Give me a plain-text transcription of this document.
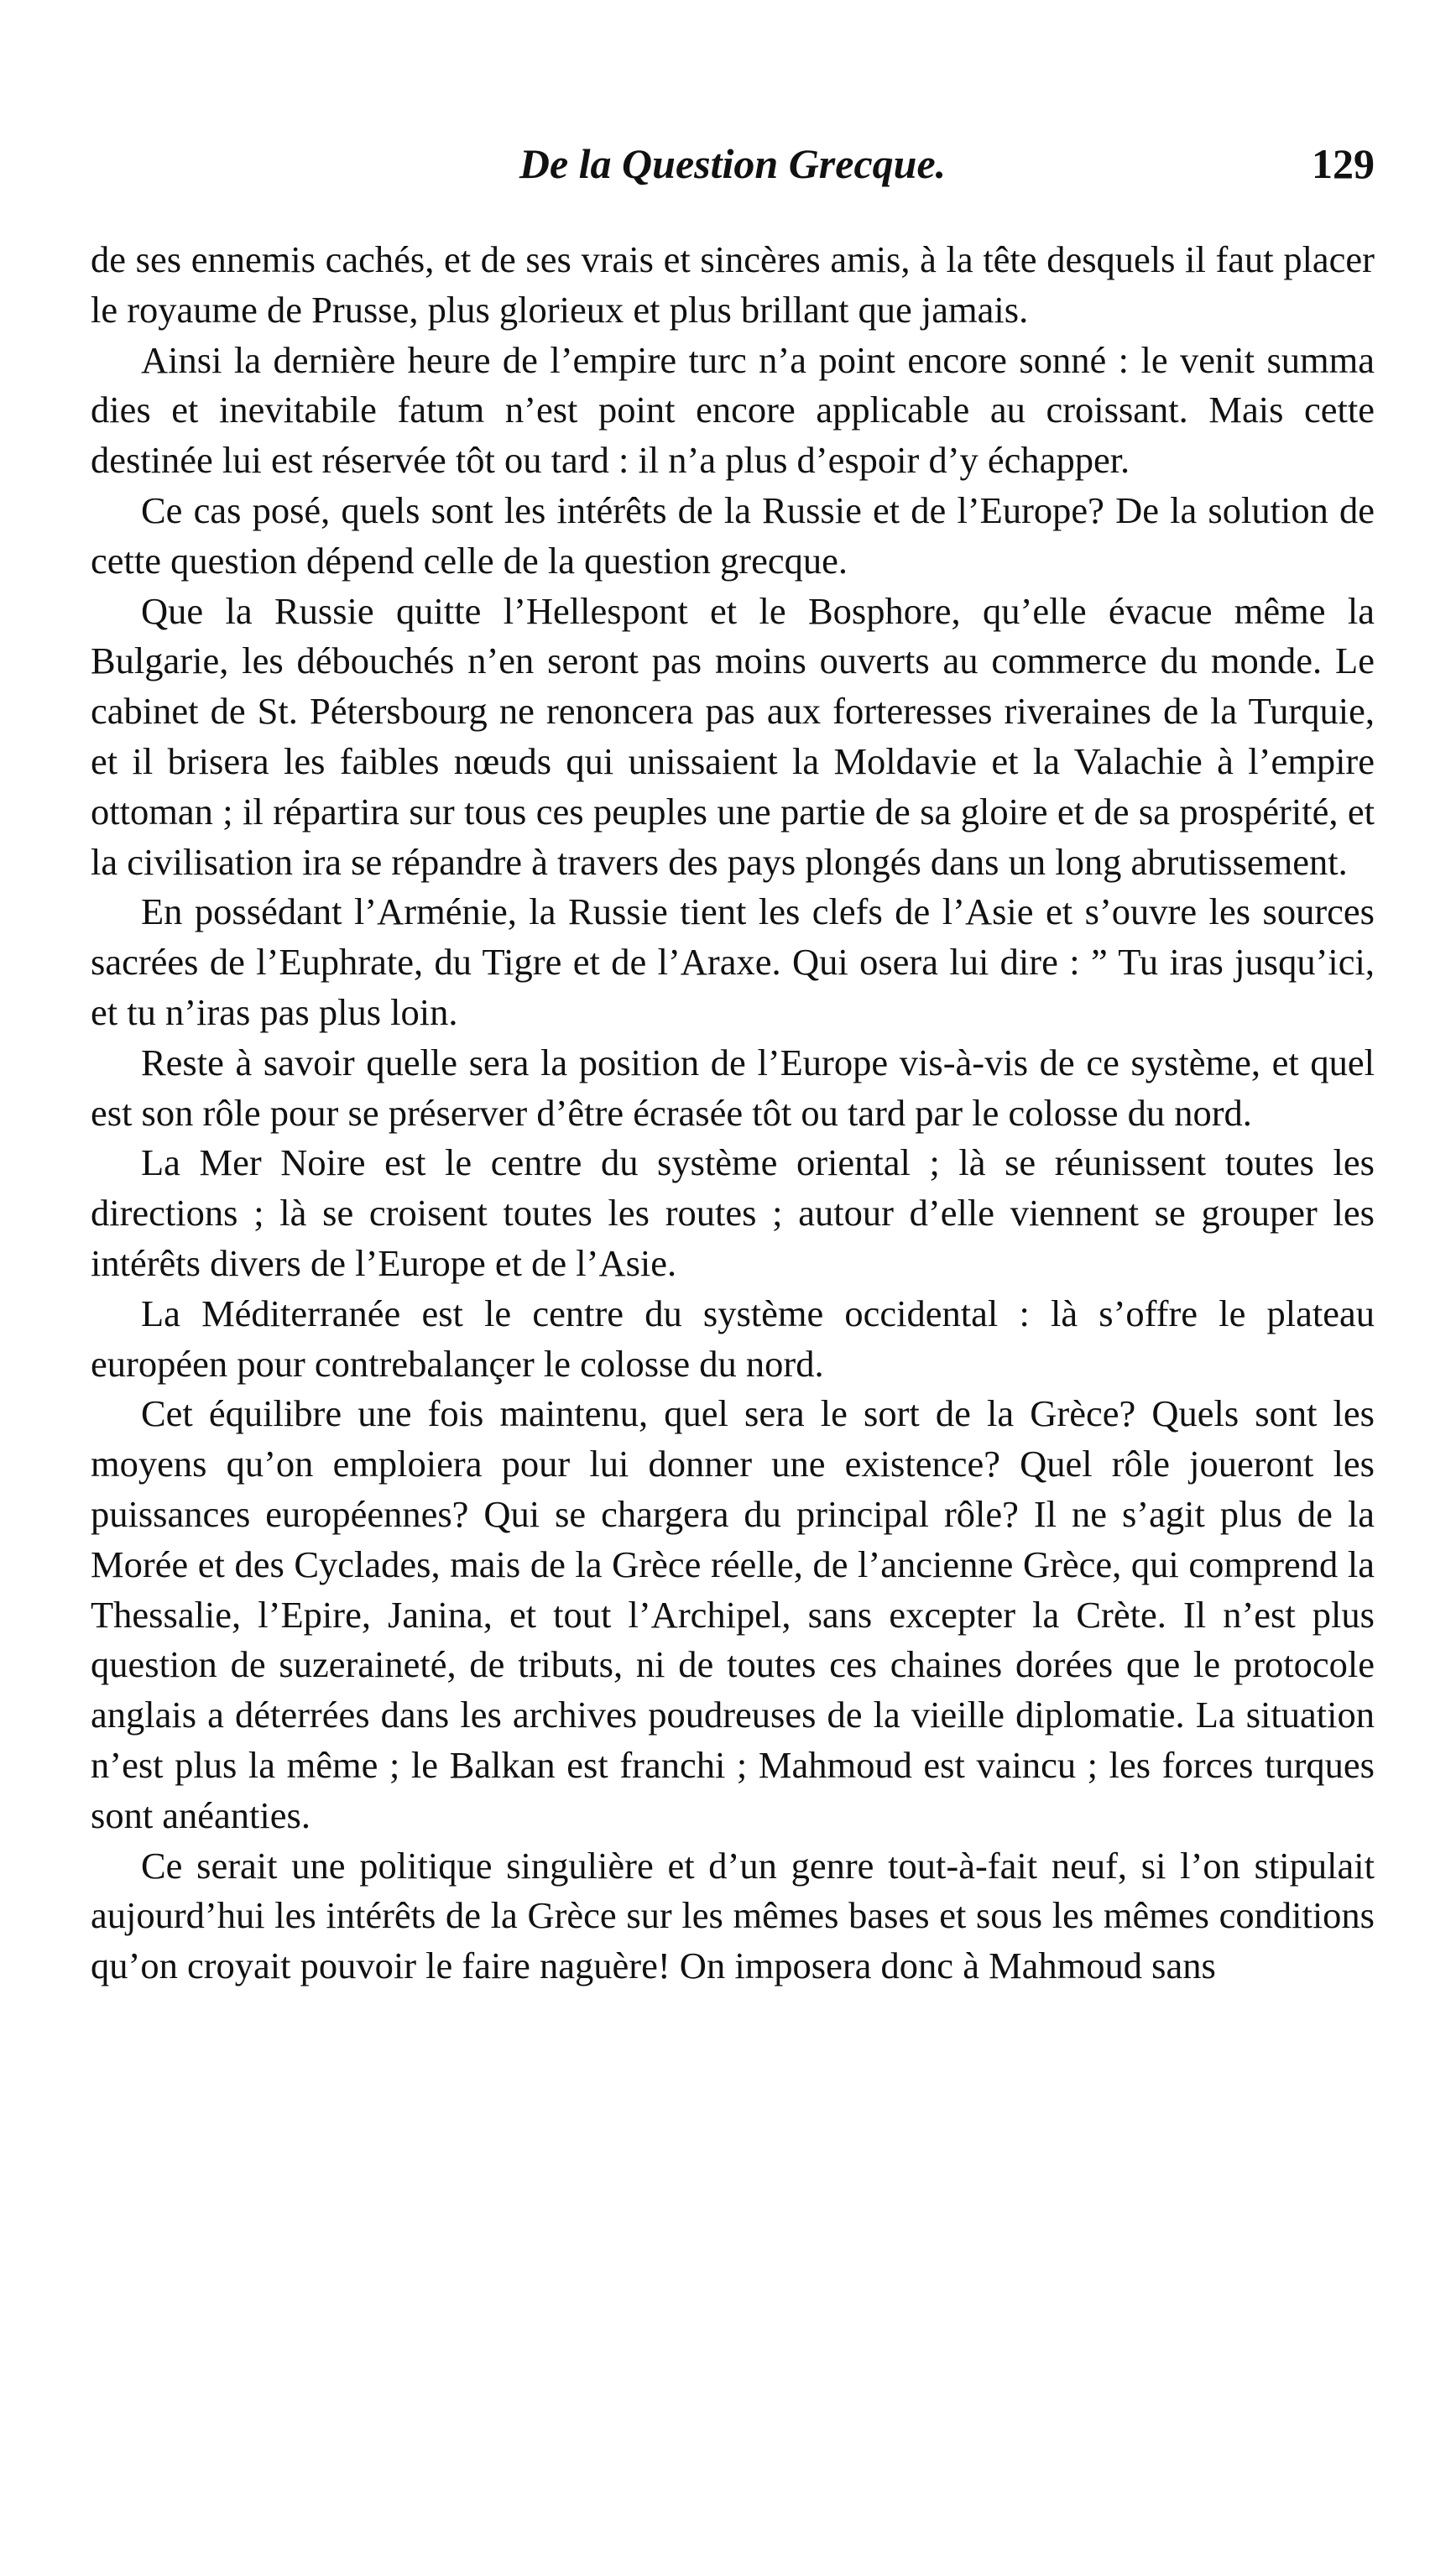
De la Question Grecque.	129

de ses ennemis cachés, et de ses vrais et sincères amis, à la tête desquels il faut placer le royaume de Prusse, plus glorieux et plus brillant que jamais.

Ainsi la dernière heure de l’empire turc n’a point encore sonné : le venit summa dies et inevitabile fatum n’est point encore applicable au croissant. Mais cette destinée lui est réservée tôt ou tard : il n’a plus d’espoir d’y échapper.

Ce cas posé, quels sont les intérêts de la Russie et de l’Europe? De la solution de cette question dépend celle de la question grecque.

Que la Russie quitte l’Hellespont et le Bosphore, qu’elle évacue même la Bulgarie, les débouchés n’en seront pas moins ouverts au commerce du monde. Le cabinet de St. Pétersbourg ne renoncera pas aux forteresses riveraines de la Turquie, et il brisera les faibles nœuds qui unissaient la Moldavie et la Valachie à l’empire ottoman ; il répartira sur tous ces peuples une partie de sa gloire et de sa prospérité, et la civilisation ira se répandre à travers des pays plongés dans un long abrutissement.

En possédant l’Arménie, la Russie tient les clefs de l’Asie et s’ouvre les sources sacrées de l’Euphrate, du Tigre et de l’Araxe. Qui osera lui dire : ” Tu iras jusqu’ici, et tu n’iras pas plus loin.

Reste à savoir quelle sera la position de l’Europe vis-à-vis de ce système, et quel est son rôle pour se préserver d’être écrasée tôt ou tard par le colosse du nord.

La Mer Noire est le centre du système oriental ; là se réunissent toutes les directions ; là se croisent toutes les routes ; autour d’elle viennent se grouper les intérêts divers de l’Europe et de l’Asie.

La Méditerranée est le centre du système occidental : là s’offre le plateau européen pour contrebalançer le colosse du nord.

Cet équilibre une fois maintenu, quel sera le sort de la Grèce? Quels sont les moyens qu’on emploiera pour lui donner une existence? Quel rôle joueront les puissances européennes? Qui se chargera du principal rôle? Il ne s’agit plus de la Morée et des Cyclades, mais de la Grèce réelle, de l’ancienne Grèce, qui comprend la Thessalie, l’Epire, Janina, et tout l’Archipel, sans excepter la Crète. Il n’est plus question de suzeraineté, de tributs, ni de toutes ces chaines dorées que le protocole anglais a déterrées dans les archives poudreuses de la vieille diplomatie. La situation n’est plus la même ; le Balkan est franchi ; Mahmoud est vaincu ; les forces turques sont anéanties.

Ce serait une politique singulière et d’un genre tout-à-fait neuf, si l’on stipulait aujourd’hui les intérêts de la Grèce sur les mêmes bases et sous les mêmes conditions qu’on croyait pouvoir le faire naguère! On imposera donc à Mahmoud sans
